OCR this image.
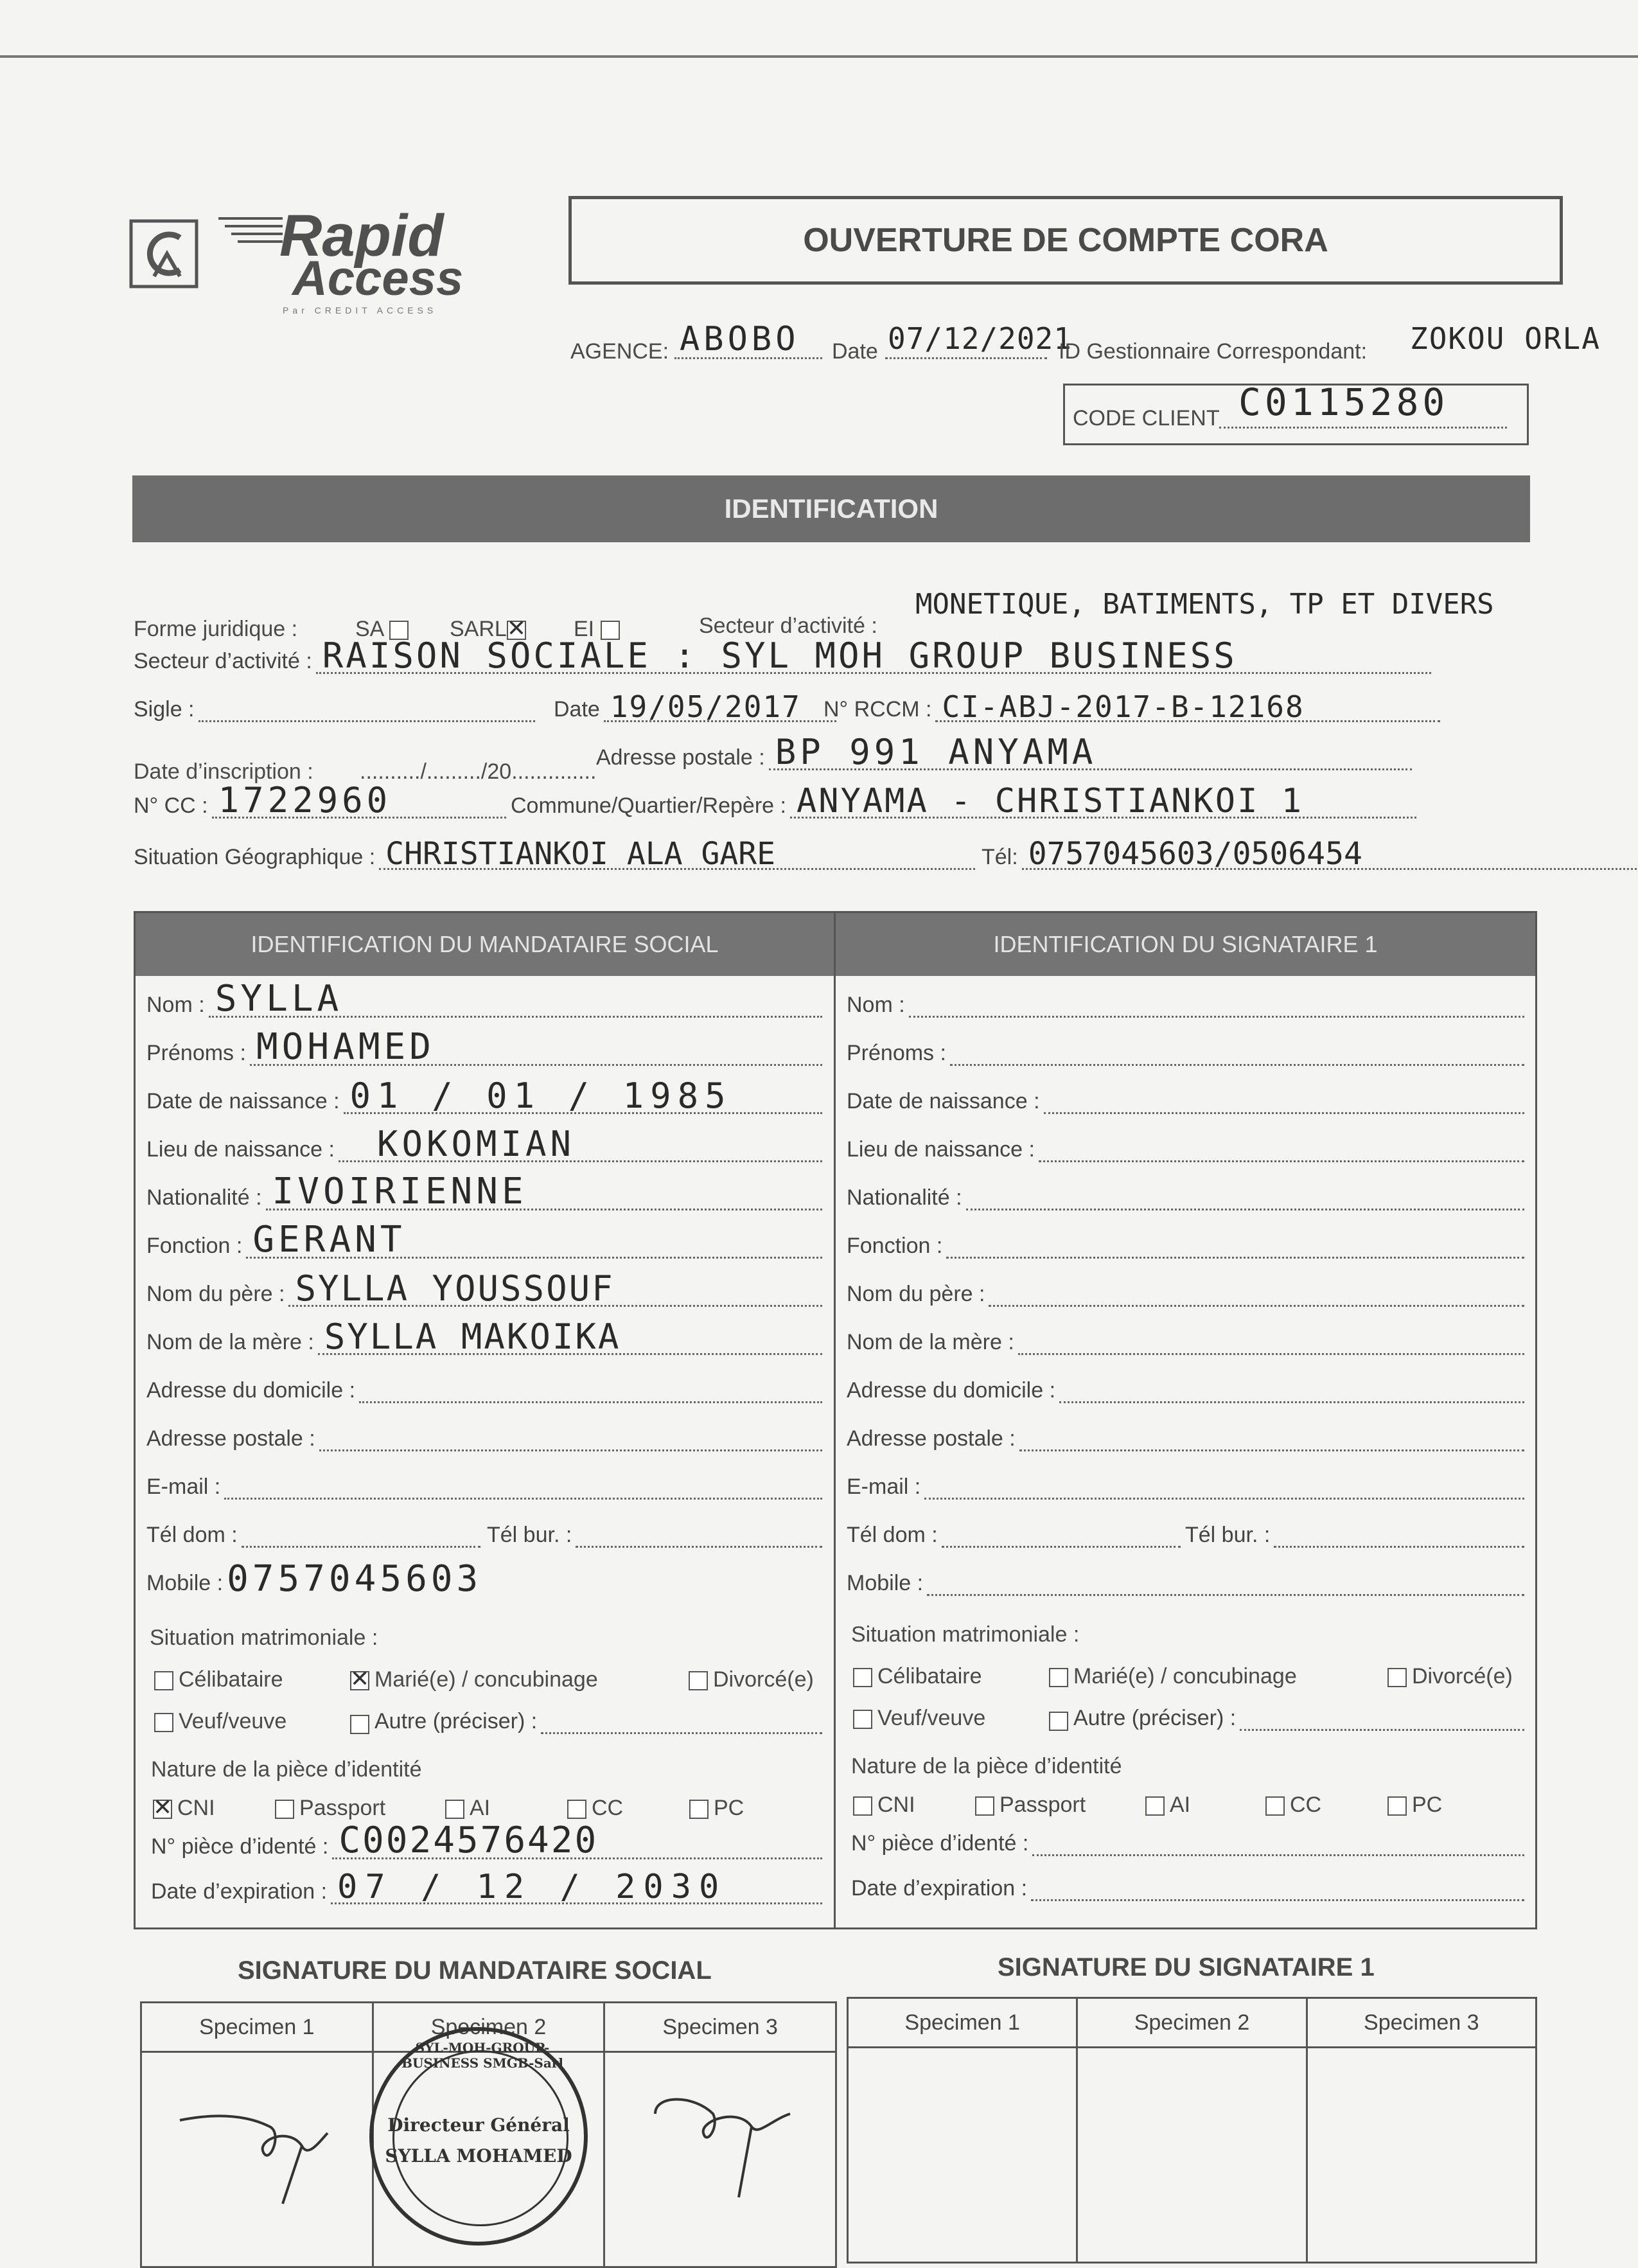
Rapid
Access
Par CREDIT ACCESS
OUVERTURE DE COMPTE CORA
AGENCE: ABOBO	Date 07/12/2021
ID Gestionnaire Correspondant: ZOKOU ORLA
CODE CLIENT C0115280
IDENTIFICATION
Forme juridique :	SA	SARL ✕	EI	Secteur d’activité :
MONETIQUE, BATIMENTS, TP ET DIVERS
Secteur d’activité : RAISON SOCIALE : SYL MOH GROUP BUSINESS
Sigle :	Date 19/05/2017 N° RCCM : CI-ABJ-2017-B-12168
Date d’inscription : ........../........./20..............
Adresse postale : BP 991 ANYAMA
N° CC : 1722960	Commune/Quartier/Repère : ANYAMA - CHRISTIANKOI 1
Situation Géographique : CHRISTIANKOI ALA GARE	Tél: 0757045603/0506454
IDENTIFICATION DU MANDATAIRE SOCIAL	IDENTIFICATION DU SIGNATAIRE 1
Nom : SYLLA
Prénoms : MOHAMED
Date de naissance : 01 / 01 / 1985
Lieu de naissance : KOKOMIAN
Nationalité : IVOIRIENNE
Fonction : GERANT
Nom du père : SYLLA YOUSSOUF
Nom de la mère : SYLLA MAKOIKA
Adresse du domicile :
Adresse postale :
E-mail :
Tél dom :	Tél bur. :
Mobile : 0757045603
Situation matrimoniale :
Célibataire ✕	Marié(e) / concubinage	Divorcé(e)
Veuf/veuve	Autre (préciser) :
Nature de la pièce d’identité
✕CNI	Passport	AI	CC	PC
N° pièce d’identé : C0024576420
Date d’expiration : 07 / 12 / 2030
Nom :
Prénoms :
Date de naissance :
Lieu de naissance :
Nationalité :
Fonction :
Nom du père :
Nom de la mère :
Adresse du domicile :
Adresse postale :
E-mail :
Tél dom :	Tél bur. :
Mobile :
Situation matrimoniale :
Célibataire	Marié(e) / concubinage	Divorcé(e)
Veuf/veuve	Autre (préciser) :
Nature de la pièce d’identité
CNI	Passport	AI	CC	PC
N° pièce d’identé :
Date d’expiration :
SIGNATURE DU MANDATAIRE SOCIAL	SIGNATURE DU SIGNATAIRE 1
Specimen 1	Specimen 2	Specimen 3
			Specimen 1	Specimen 2	Specimen 3

SYL-MOH-GROUP-BUSINESS SMGB-Sarl
Directeur Général
SYLLA MOHAMED
